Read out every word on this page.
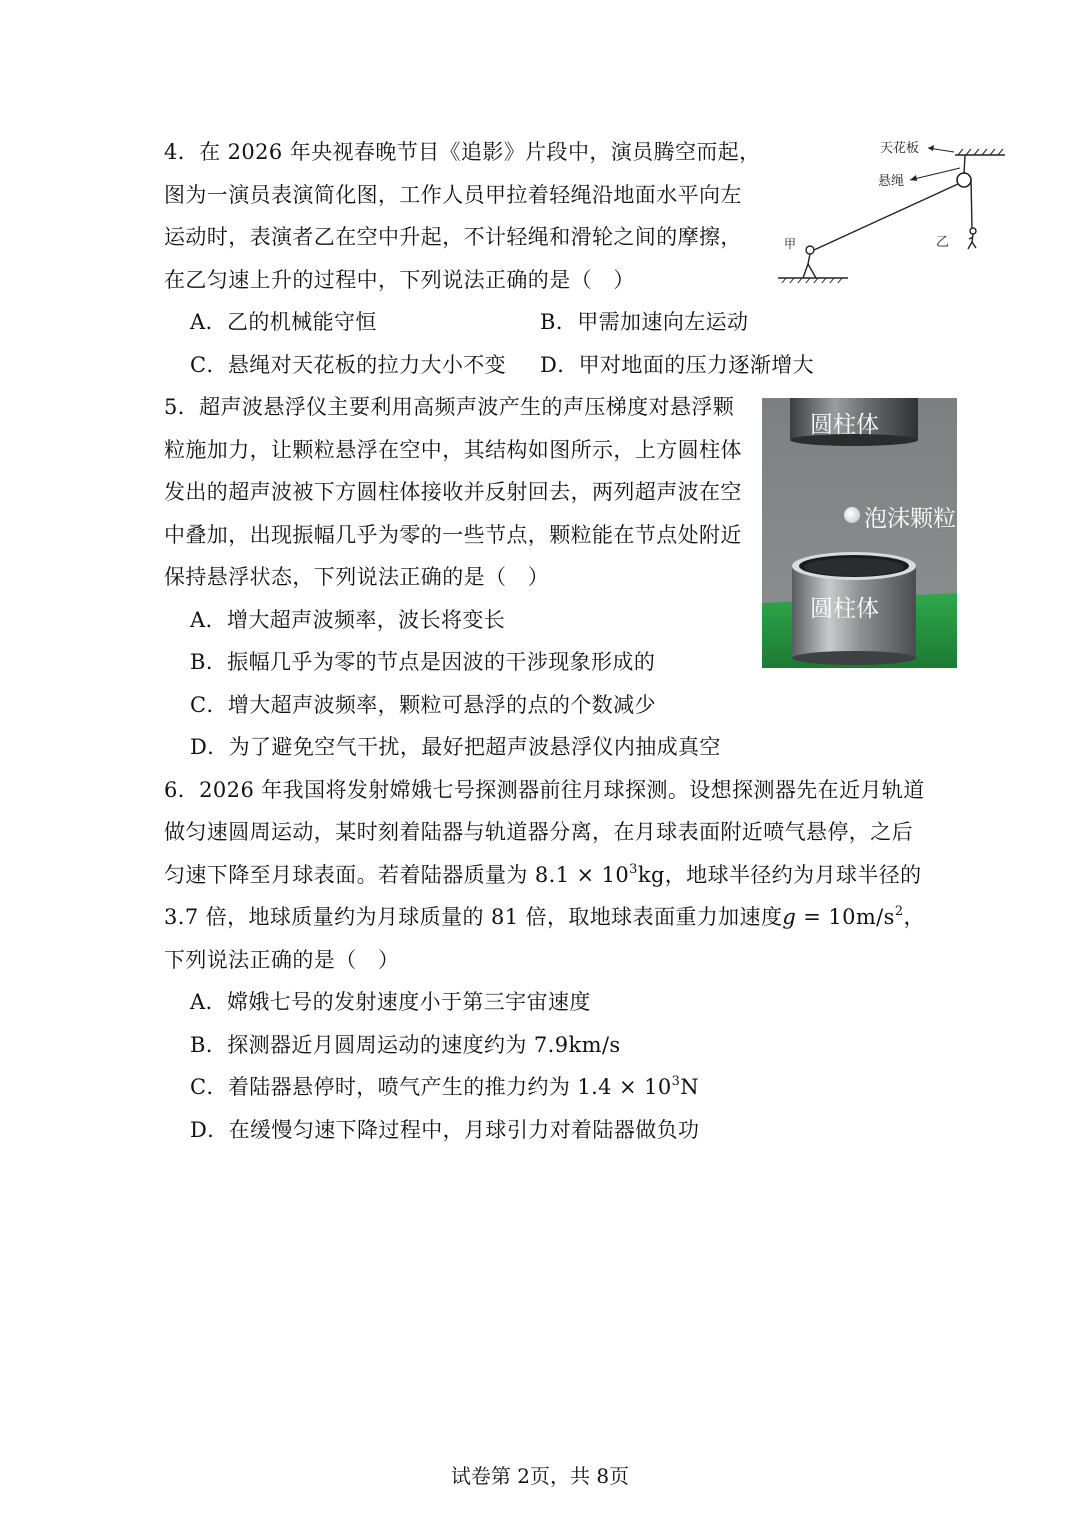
4．在 2026 年央视春晚节目《追影》片段中，演员腾空而起，
图为一演员表演简化图，工作人员甲拉着轻绳沿地面水平向左
运动时，表演者乙在空中升起，不计轻绳和滑轮之间的摩擦，
在乙匀速上升的过程中，下列说法正确的是（　）
A．乙的机械能守恒	B．甲需加速向左运动
C．悬绳对天花板的拉力大小不变 D．甲对地面的压力逐渐增大
天花板
悬绳
甲	乙
5．超声波悬浮仪主要利用高频声波产生的声压梯度对悬浮颗
粒施加力，让颗粒悬浮在空中，其结构如图所示，上方圆柱体
发出的超声波被下方圆柱体接收并反射回去，两列超声波在空
中叠加，出现振幅几乎为零的一些节点，颗粒能在节点处附近
保持悬浮状态，下列说法正确的是（　）
A．增大超声波频率，波长将变长
B．振幅几乎为零的节点是因波的干涉现象形成的
C．增大超声波频率，颗粒可悬浮的点的个数减少
D．为了避免空气干扰，最好把超声波悬浮仪内抽成真空
圆柱体
泡沫颗粒
圆柱体
6．2026 年我国将发射嫦娥七号探测器前往月球探测。设想探测器先在近月轨道
做匀速圆周运动，某时刻着陆器与轨道器分离，在月球表面附近喷气悬停，之后
匀速下降至月球表面。若着陆器质量为 $8.1 \times 10^3kg$，地球半径约为月球半径的
3.7 倍，地球质量约为月球质量的 81 倍，取地球表面重力加速度$g = 10m/s^2$，
下列说法正确的是（　）
A．嫦娥七号的发射速度小于第三宇宙速度
B．探测器近月圆周运动的速度约为 7.9km/s
C．着陆器悬停时，喷气产生的推力约为 $1.4 \times 10^3N$
D．在缓慢匀速下降过程中，月球引力对着陆器做负功
试卷第 2页，共 8页
